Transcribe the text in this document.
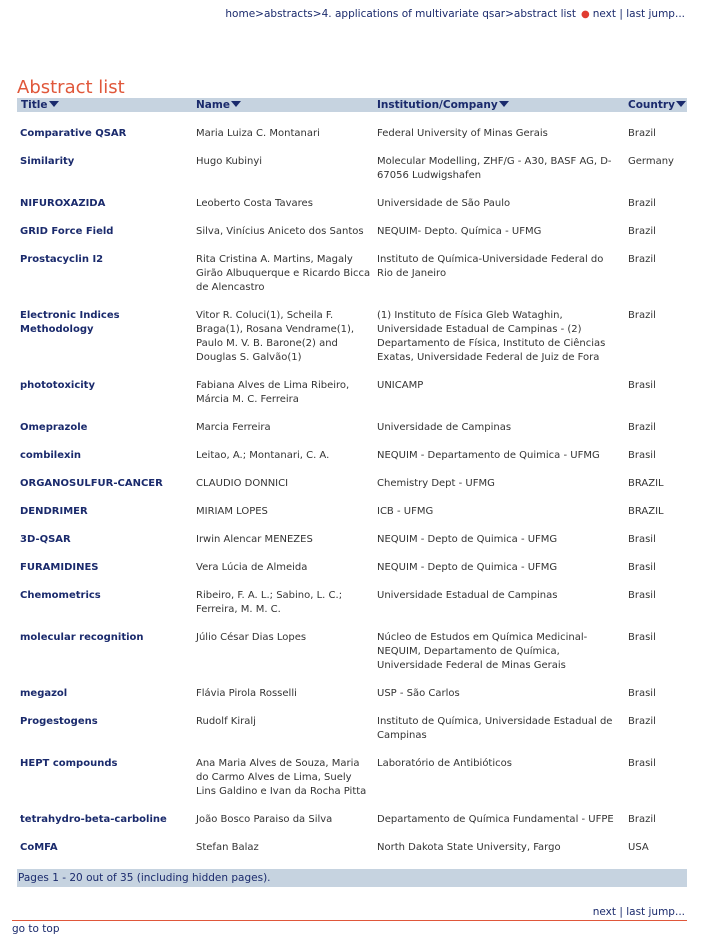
home>abstracts>4. applications of multivariate qsar>abstract list ● next | last jump...
Abstract list
Title	Name	Institution/Company	Country

Comparative QSAR	Maria Luiza C. Montanari	Federal University of Minas Gerais	Brazil

Similarity	Hugo Kubinyi	Molecular Modelling, ZHF/G - A30, BASF AG, D-67056 Ludwigshafen	Germany

NIFUROXAZIDA	Leoberto Costa Tavares	Universidade de São Paulo	Brazil

GRID Force Field	Silva, Vinícius Aniceto dos Santos	NEQUIM- Depto. Química - UFMG	Brazil

Prostacyclin I2	Rita Cristina A. Martins, Magaly Girão Albuquerque e Ricardo Bicca de Alencastro	Instituto de Química-Universidade Federal do Rio de Janeiro	Brazil

Electronic Indices Methodology	Vitor R. Coluci(1), Scheila F. Braga(1), Rosana Vendrame(1), Paulo M. V. B. Barone(2) and Douglas S. Galvão(1)	(1) Instituto de Física Gleb Wataghin, Universidade Estadual de Campinas - (2) Departamento de Física, Instituto de Ciências Exatas, Universidade Federal de Juiz de Fora	Brazil

phototoxicity	Fabiana Alves de Lima Ribeiro, Márcia M. C. Ferreira	UNICAMP	Brasil

Omeprazole	Marcia Ferreira	Universidade de Campinas	Brazil

combilexin	Leitao, A.; Montanari, C. A.	NEQUIM - Departamento de Quimica - UFMG	Brasil

ORGANOSULFUR-CANCER	CLAUDIO DONNICI	Chemistry Dept - UFMG	BRAZIL

DENDRIMER	MIRIAM LOPES	ICB - UFMG	BRAZIL

3D-QSAR	Irwin Alencar MENEZES	NEQUIM - Depto de Quimica - UFMG	Brasil

FURAMIDINES	Vera Lúcia de Almeida	NEQUIM - Depto de Quimica - UFMG	Brasil

Chemometrics	Ribeiro, F. A. L.; Sabino, L. C.; Ferreira, M. M. C.	Universidade Estadual de Campinas	Brasil

molecular recognition	Júlio César Dias Lopes	Núcleo de Estudos em Química Medicinal-NEQUIM, Departamento de Química, Universidade Federal de Minas Gerais	Brasil

megazol	Flávia Pirola Rosselli	USP - São Carlos	Brasil

Progestogens	Rudolf Kiralj	Instituto de Química, Universidade Estadual de Campinas	Brazil

HEPT compounds	Ana Maria Alves de Souza, Maria do Carmo Alves de Lima, Suely Lins Galdino e Ivan da Rocha Pitta	Laboratório de Antibióticos	Brasil

tetrahydro-beta-carboline	João Bosco Paraiso da Silva	Departamento de Química Fundamental - UFPE	Brazil

CoMFA	Stefan Balaz	North Dakota State University, Fargo	USA

Pages 1 - 20 out of 35 (including hidden pages).
next | last jump...
go to top
